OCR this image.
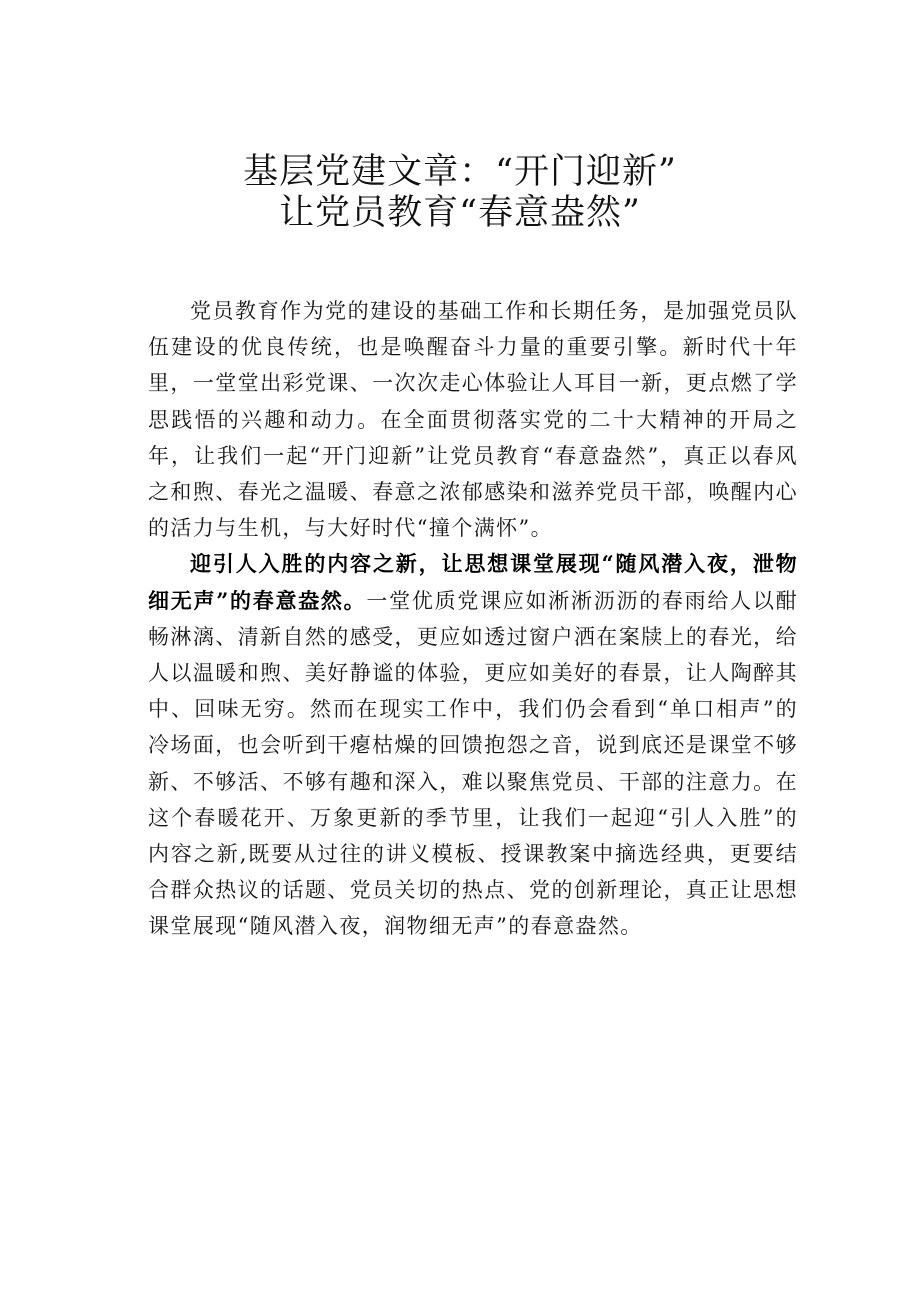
基层党建文章：“开门迎新”
让党员教育“春意盎然”

党员教育作为党的建设的基础工作和长期任务，是加强党员队伍建设的优良传统，也是唤醒奋斗力量的重要引擎。新时代十年里，一堂堂出彩党课、一次次走心体验让人耳目一新，更点燃了学思践悟的兴趣和动力。在全面贯彻落实党的二十大精神的开局之年，让我们一起“开门迎新”让党员教育“春意盎然”，真正以春风之和煦、春光之温暖、春意之浓郁感染和滋养党员干部，唤醒内心的活力与生机，与大好时代“撞个满怀”。

迎引人入胜的内容之新，让思想课堂展现“随风潜入夜，泄物细无声”的春意盎然。一堂优质党课应如淅淅沥沥的春雨给人以酣畅淋漓、清新自然的感受，更应如透过窗户洒在案牍上的春光，给人以温暖和煦、美好静谧的体验，更应如美好的春景，让人陶醉其中、回味无穷。然而在现实工作中，我们仍会看到“单口相声”的冷场面，也会听到干瘪枯燥的回馈抱怨之音，说到底还是课堂不够新、不够活、不够有趣和深入，难以聚焦党员、干部的注意力。在这个春暖花开、万象更新的季节里，让我们一起迎“引人入胜”的内容之新,既要从过往的讲义模板、授课教案中摘选经典，更要结合群众热议的话题、党员关切的热点、党的创新理论，真正让思想课堂展现“随风潜入夜，润物细无声”的春意盎然。
